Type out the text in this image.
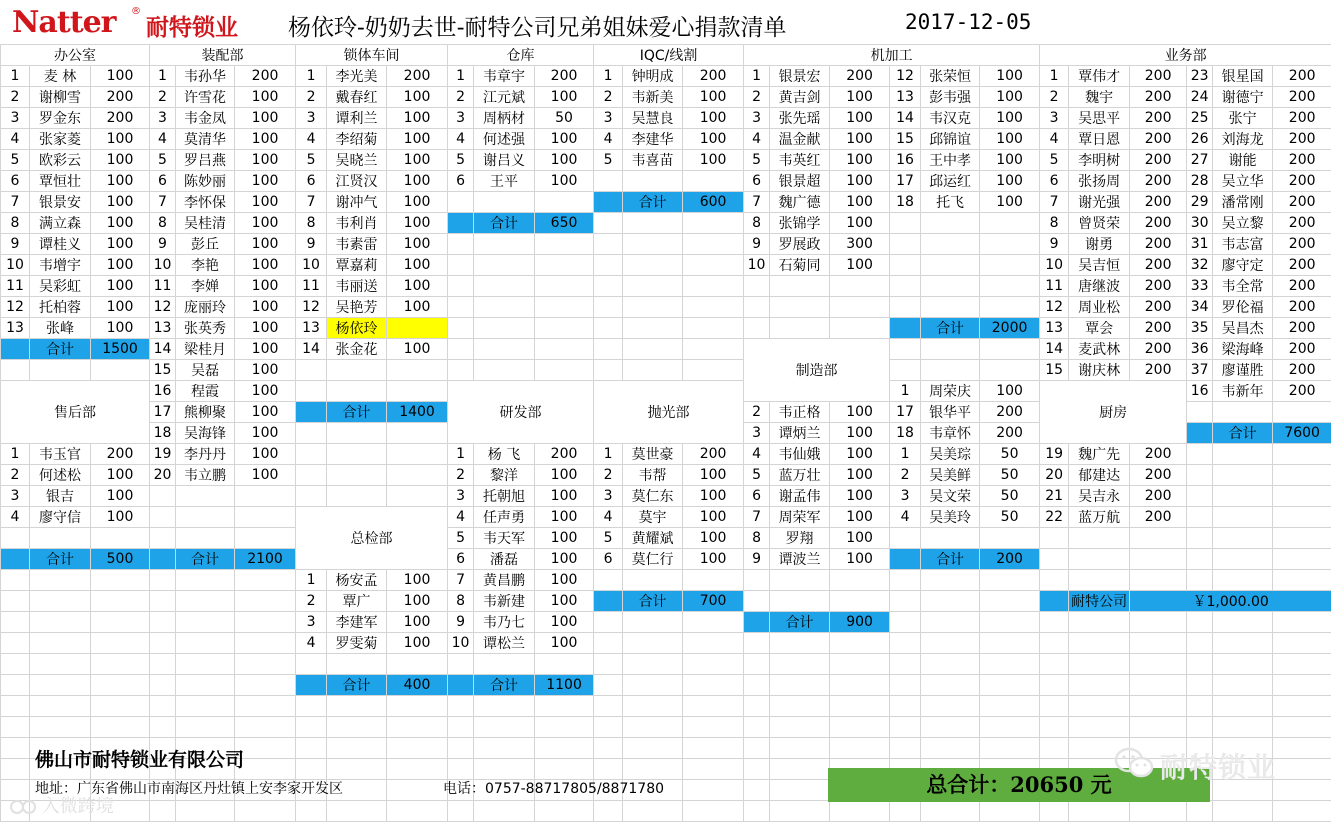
Natter ®
耐特锁业 杨依玲-奶奶去世-耐特公司兄弟姐妹爱心捐款清单	2017-12-05
办公室			装配部			锁体车间			仓库			IQC/线割			机加工						业务部						
1	麦 林	100	1	韦孙华	200	1	李光美	200	1	韦章宇	200	1	钟明成	200	1	银景宏	200	12	张荣恒	100	1	覃伟才	200	23	银星国	200	
2	谢柳雪	200	2	许雪花	100	2	戴春红	100	2	江元斌	100	2	韦新美	100	2	黄吉剑	100	13	彭韦强	100	2	魏宇	200	24	谢德宁	200	
3	罗金东	200	3	韦金凤	100	3	谭利兰	100	3	周柄材	50	3	吴慧良	100	3	张先瑶	100	14	韦汉克	100	3	吴思平	200	25	张宁	200	
4	张家菱	100	4	莫清华	100	4	李绍菊	100	4	何述强	100	4	李建华	100	4	温金献	100	15	邱锦谊	100	4	覃日恩	200	26	刘海龙	200	
5	欧彩云	100	5	罗吕燕	100	5	吴晓兰	100	5	谢吕义	100	5	韦喜苗	100	5	韦英红	100	16	王中孝	100	5	李明树	200	27	谢能	200	
6	覃恒壮	100	6	陈妙丽	100	6	江贤汉	100	6	王平	100				6	银景超	100	17	邱运红	100	6	张扬周	200	28	吴立华	200	
7	银景安	100	7	李怀保	100	7	谢冲气	100					合计	600	7	魏广德	100	18	托飞	100	7	谢光强	200	29	潘常刚	200	
8	满立森	100	8	吴桂清	100	8	韦利肖	100		合计	650				8	张锦学	100				8	曾贤荣	200	30	吴立黎	200	
9	谭桂义	100	9	彭丘	100	9	韦素雷	100							9	罗展政	300				9	谢勇	200	31	韦志富	200	
10	韦增宇	100	10	李艳	100	10	覃嘉莉	100							10	石菊同	100				10	吴吉恒	200	32	廖守定	200	
11	吴彩虹	100	11	李婵	100	11	韦丽送	100													11	唐继波	200	33	韦全常	200	
12	托柏蓉	100	12	庞丽玲	100	12	吴艳芳	100													12	周业松	200	34	罗伦福	200	
13	张峰	100	13	张英秀	100	13	杨依玲												合计	2000	13	覃会	200	35	吴昌杰	200	
	合计	1500	14	梁桂月	100	14	张金花	100							制造部						14	麦武林	200	36	梁海峰	200	
			15	吴磊	100																15	谢庆林	200	37	廖谨胜	200	
售后部			16	程霞	100				研发部			抛光部						1	周荣庆	100	厨房			16	韦新年	200			
			17	熊柳聚	100		合计	1400							2	韦正格	100	17	银华平	200							
			18	吴海锋	100										3	谭炳兰	100	18	韦章怀	200					合计	7600	
1	韦玉官	200	19	李丹丹	100				1	杨 飞	200	1	莫世豪	200	4	韦仙娥	100	1	吴美琮	50	19	魏广先	200				
2	何述松	100	20	韦立鹏	100				2	黎洋	100	2	韦帮	100	5	蓝万壮	100	2	吴美鲜	50	20	郁建达	200				
3	银吉	100							3	托朝旭	100	3	莫仁东	100	6	谢孟伟	100	3	吴文荣	50	21	吴吉永	200				
4	廖守信	100				总检部			4	任声勇	100	4	莫宇	100	7	周荣军	100	4	吴美玲	50	22	蓝万航	200				
									5	韦天军	100	5	黄耀斌	100	8	罗翔	100										
	合计	500		合计	2100				6	潘磊	100	6	莫仁行	100	9	谭波兰	100		合计	200							
						1	杨安孟	100	7	黄昌鹏	100																
						2	覃广	100	8	韦新建	100		合计	700								耐特公司	￥1,000.00				
						3	李建军	100	9	韦乃七	100					合计	900										
						4	罗雯菊	100	10	谭松兰	100																

							合计	400		合计	1100																

佛山市耐特锁业有限公司
地址：广东省佛山市南海区丹灶镇上安李家开发区	电话：0757-88717805/8871780	总合计：20650 元
耐特锁业
入微跨境
